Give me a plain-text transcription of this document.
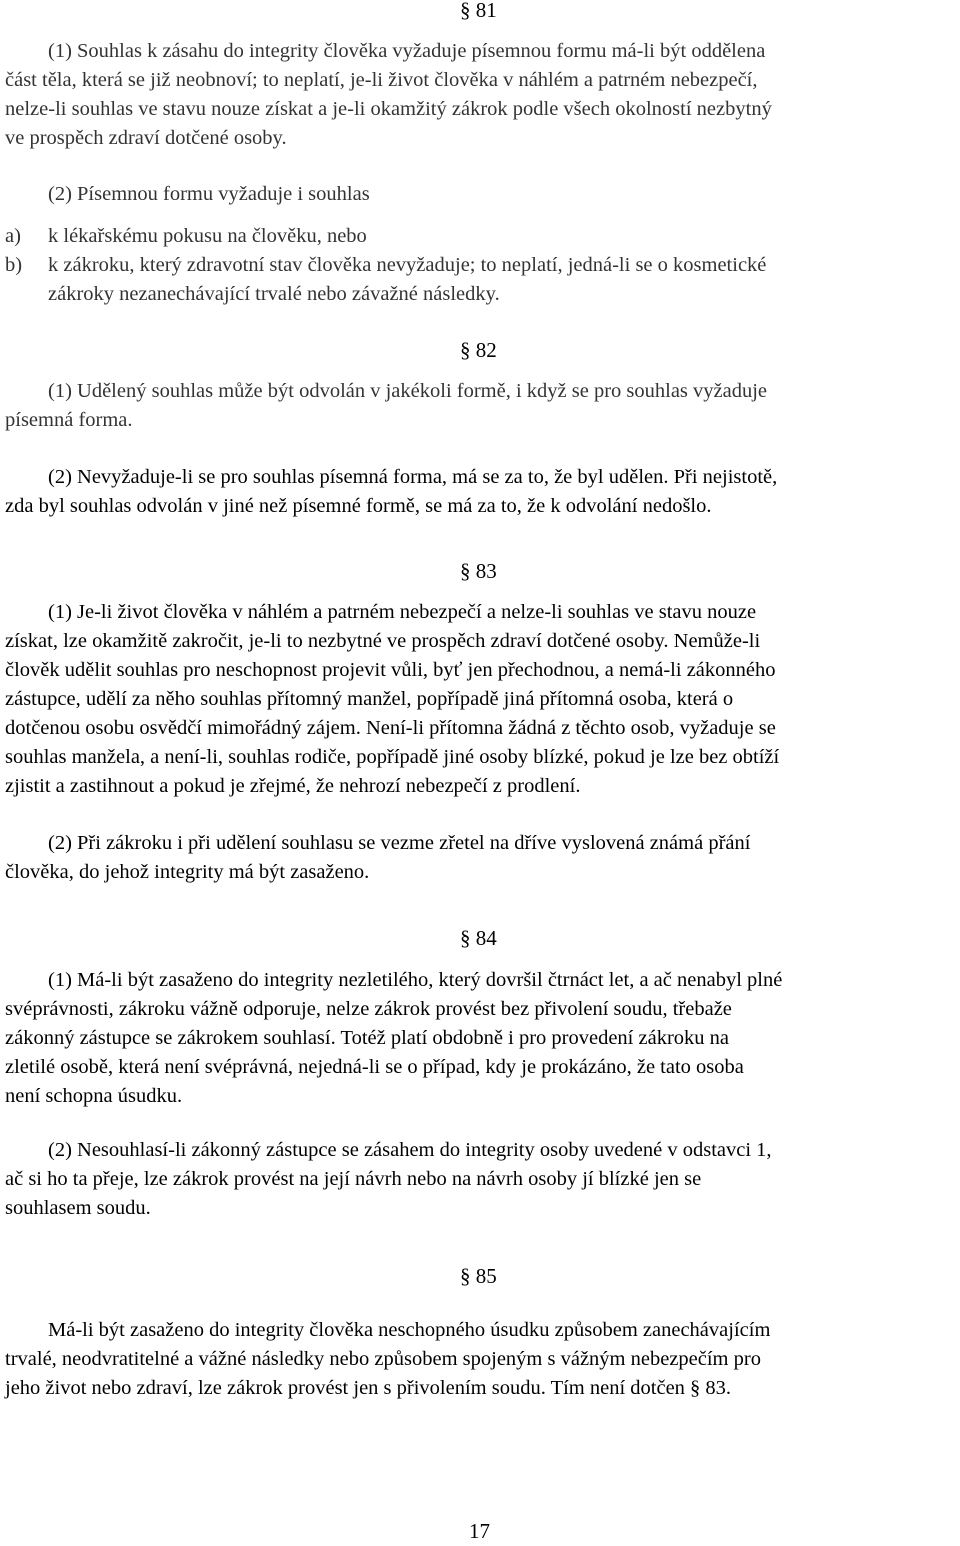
§ 81
(1) Souhlas k zásahu do integrity člověka vyžaduje písemnou formu má-li být oddělena
část těla, která se již neobnoví; to neplatí, je-li život člověka v náhlém a patrném nebezpečí,
nelze-li souhlas ve stavu nouze získat a je-li okamžitý zákrok podle všech okolností nezbytný
ve prospěch zdraví dotčené osoby.
(2) Písemnou formu vyžaduje i souhlas
a) k lékařskému pokusu na člověku, nebo
b) k zákroku, který zdravotní stav člověka nevyžaduje; to neplatí, jedná-li se o kosmetické
zákroky nezanechávající trvalé nebo závažné následky.
§ 82
(1) Udělený souhlas může být odvolán v jakékoli formě, i když se pro souhlas vyžaduje
písemná forma.
(2) Nevyžaduje-li se pro souhlas písemná forma, má se za to, že byl udělen. Při nejistotě,
zda byl souhlas odvolán v jiné než písemné formě, se má za to, že k odvolání nedošlo.
§ 83
(1) Je-li život člověka v náhlém a patrném nebezpečí a nelze-li souhlas ve stavu nouze
získat, lze okamžitě zakročit, je-li to nezbytné ve prospěch zdraví dotčené osoby. Nemůže-li
člověk udělit souhlas pro neschopnost projevit vůli, byť jen přechodnou, a nemá-li zákonného
zástupce, udělí za něho souhlas přítomný manžel, popřípadě jiná přítomná osoba, která o
dotčenou osobu osvědčí mimořádný zájem. Není-li přítomna žádná z těchto osob, vyžaduje se
souhlas manžela, a není-li, souhlas rodiče, popřípadě jiné osoby blízké, pokud je lze bez obtíží
zjistit a zastihnout a pokud je zřejmé, že nehrozí nebezpečí z prodlení.
(2) Při zákroku i při udělení souhlasu se vezme zřetel na dříve vyslovená známá přání
člověka, do jehož integrity má být zasaženo.
§ 84
(1) Má-li být zasaženo do integrity nezletilého, který dovršil čtrnáct let, a ač nenabyl plné
svéprávnosti, zákroku vážně odporuje, nelze zákrok provést bez přivolení soudu, třebaže
zákonný zástupce se zákrokem souhlasí. Totéž platí obdobně i pro provedení zákroku na
zletilé osobě, která není svéprávná, nejedná-li se o případ, kdy je prokázáno, že tato osoba
není schopna úsudku.
(2) Nesouhlasí-li zákonný zástupce se zásahem do integrity osoby uvedené v odstavci 1,
ač si ho ta přeje, lze zákrok provést na její návrh nebo na návrh osoby jí blízké jen se
souhlasem soudu.
§ 85
Má-li být zasaženo do integrity člověka neschopného úsudku způsobem zanechávajícím
trvalé, neodvratitelné a vážné následky nebo způsobem spojeným s vážným nebezpečím pro
jeho život nebo zdraví, lze zákrok provést jen s přivolením soudu. Tím není dotčen § 83.
17
